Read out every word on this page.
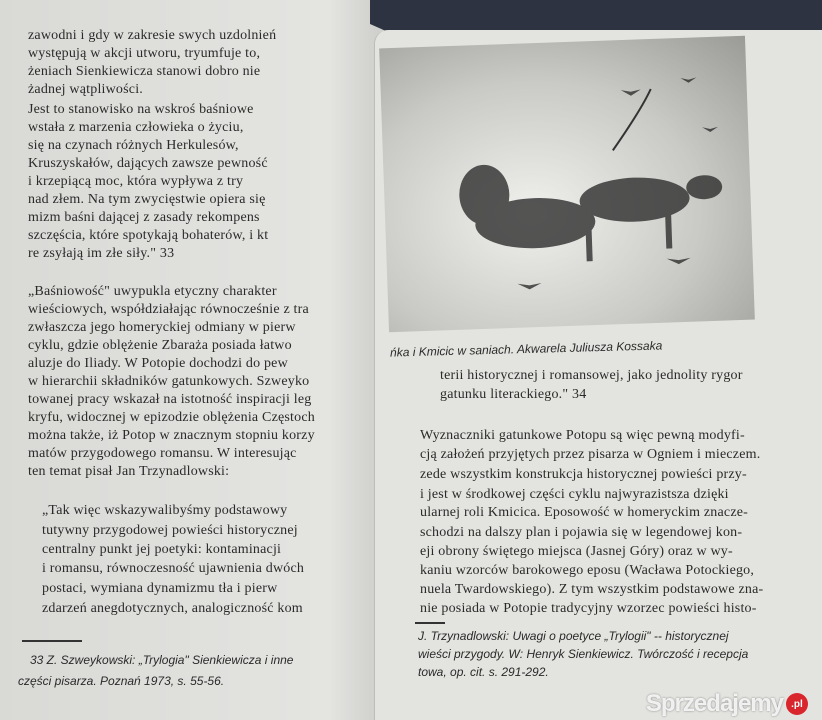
zawodni i gdy w zakresie swych uzdolnień
występują w akcji utworu, tryumfuje to,
żeniach Sienkiewicza stanowi dobro nie
żadnej wątpliwości.
Jest to stanowisko na wskroś baśniowe
wstała z marzenia człowieka o życiu,
się na czynach różnych Herkulesów,
Kruszyskałów, dających zawsze pewność
i krzepiącą moc, która wypływa z try
nad złem. Na tym zwycięstwie opiera się
mizm baśni dającej z zasady rekompens
szczęścia, które spotykają bohaterów, i kt
re zsyłają im złe siły." 33
„Baśniowość" uwypukla etyczny charakter
wieściowych, współdziałając równocześnie z tra
zwłaszcza jego homeryckiej odmiany w pierw
cyklu, gdzie oblężenie Zbaraża posiada łatwo
aluzje do Iliady. W Potopie dochodzi do pew
w hierarchii składników gatunkowych. Szweyko
towanej pracy wskazał na istotność inspiracji leg
kryfu, widocznej w epizodzie oblężenia Częstoch
można także, iż Potop w znacznym stopniu korzy
matów przygodowego romansu. W interesując
ten temat pisał Jan Trzynadlowski:
„Tak więc wskazywalibyśmy podstawowy
tutywny przygodowej powieści historycznej
centralny punkt jej poetyki: kontaminacji
i romansu, równoczesność ujawnienia dwóch
postaci, wymiana dynamizmu tła i pierw
zdarzeń anegdotycznych, analogiczność kom
33 Z. Szweykowski: „Trylogia" Sienkiewicza i inne
części pisarza. Poznań 1973, s. 55-56.
terii historycznej i romansowej, jako jednolity rygor
gatunku literackiego." 34
Wyznaczniki gatunkowe Potopu są więc pewną modyfi-
cją założeń przyjętych przez pisarza w Ogniem i mieczem.
zede wszystkim konstrukcja historycznej powieści przy-
i jest w środkowej części cyklu najwyrazistsza dzięki
ularnej roli Kmicica. Eposowość w homeryckim znacze-
schodzi na dalszy plan i pojawia się w legendowej kon-
eji obrony świętego miejsca (Jasnej Góry) oraz w wy-
kaniu wzorców barokowego eposu (Wacława Potockiego,
nuela Twardowskiego). Z tym wszystkim podstawowe zna-
nie posiada w Potopie tradycyjny wzorzec powieści histo-
J. Trzynadlowski: Uwagi o poetyce „Trylogii" -- historycznej
wieści przygody. W: Henryk Sienkiewicz. Twórczość i recepcja
towa, op. cit. s. 291-292.
ńka i Kmicic w saniach. Akwarela Juliusza Kossaka
Sprzedajemy .pl
